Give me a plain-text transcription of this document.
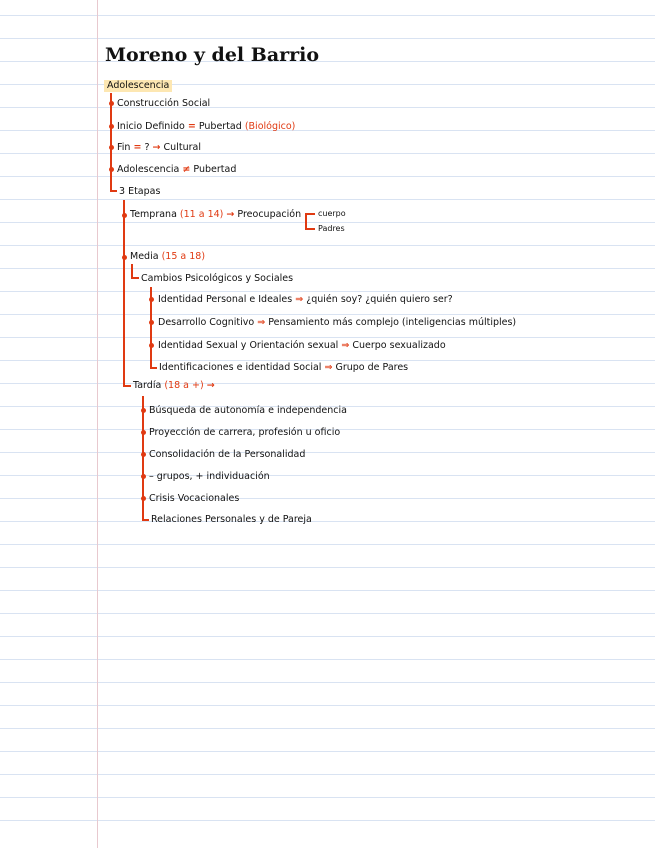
Moreno y del Barrio
Adolescencia
Construcción Social
Inicio Definido = Pubertad (Biológico)
Fin = ? → Cultural
Adolescencia ≠ Pubertad
3 Etapas
Temprana (11 a 14) → Preocupación cuerpo
Padres
Media (15 a 18)
Cambios Psicológicos y Sociales
Identidad Personal e Ideales ⇒ ¿quién soy? ¿quién quiero ser?
Desarrollo Cognitivo ⇒ Pensamiento más complejo (inteligencias múltiples)
Identidad Sexual y Orientación sexual ⇒ Cuerpo sexualizado
Identificaciones e identidad Social ⇒ Grupo de Pares
Tardía (18 a +) →
Búsqueda de autonomía e independencia
Proyección de carrera, profesión u oficio
Consolidación de la Personalidad
– grupos, + individuación
Crisis Vocacionales
Relaciones Personales y de Pareja
